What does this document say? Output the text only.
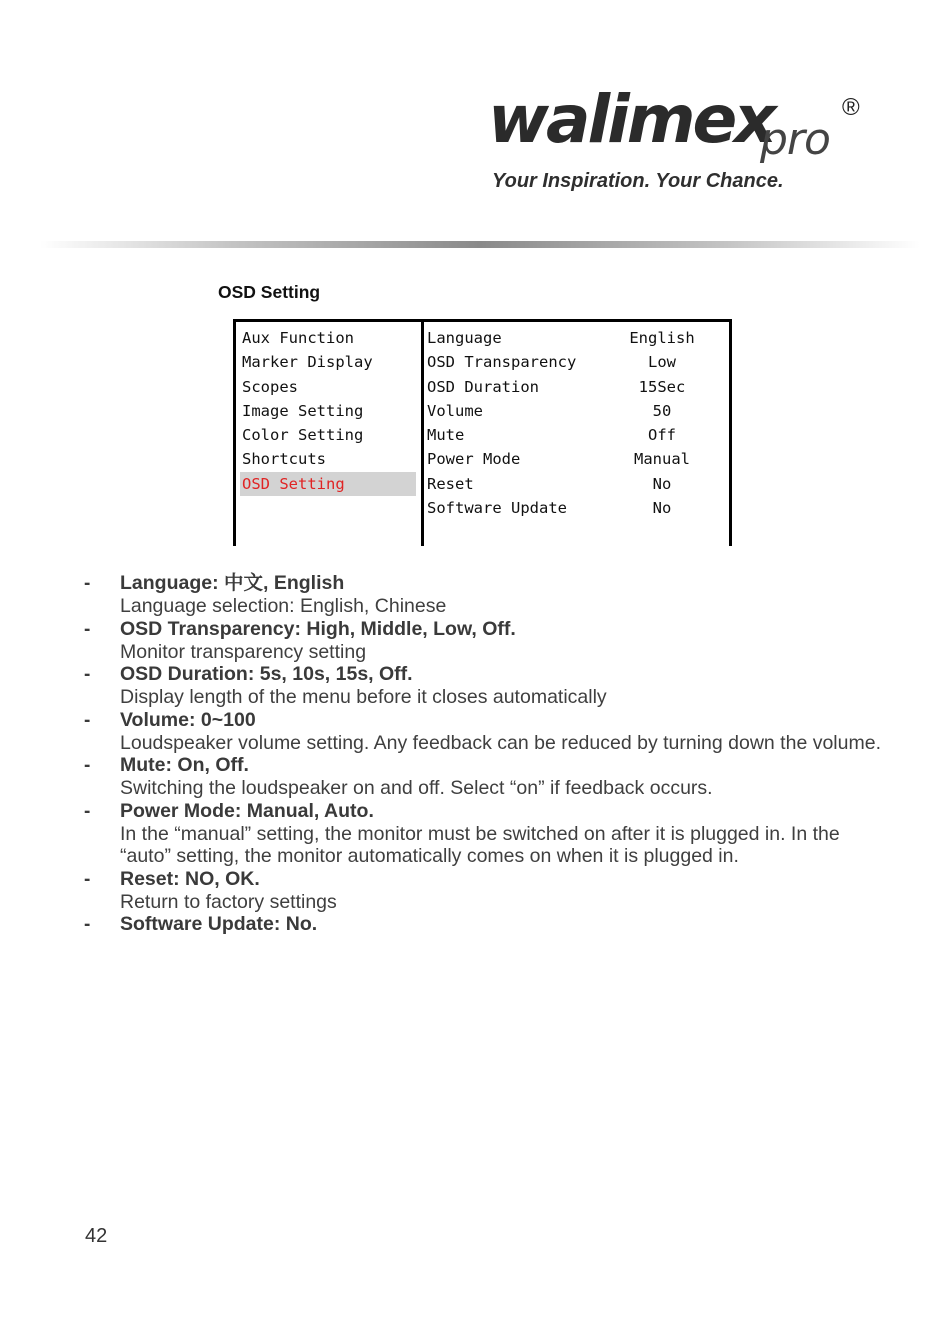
walimex
pro
®
Your Inspiration. Your Chance.
OSD Setting
Aux Function
Marker Display
Scopes
Image Setting
Color Setting
Shortcuts
OSD Setting
Language	English
OSD Transparency	Low
OSD Duration	15Sec
Volume	50
Mute	Off
Power Mode	Manual
Reset	No
Software Update	No
- Language: 中文, English
Language selection: English, Chinese
- OSD Transparency: High, Middle, Low, Off.
Monitor transparency setting
- OSD Duration: 5s, 10s, 15s, Off.
Display length of the menu before it closes automatically
- Volume: 0~100
Loudspeaker volume setting. Any feedback can be reduced by turning down the volume.
- Mute: On, Off.
Switching the loudspeaker on and off. Select “on” if feedback occurs.
- Power Mode: Manual, Auto.
In the “manual” setting, the monitor must be switched on after it is plugged in. In the “auto” setting, the monitor automatically comes on when it is plugged in.
- Reset: NO, OK.
Return to factory settings
- Software Update: No.
42
